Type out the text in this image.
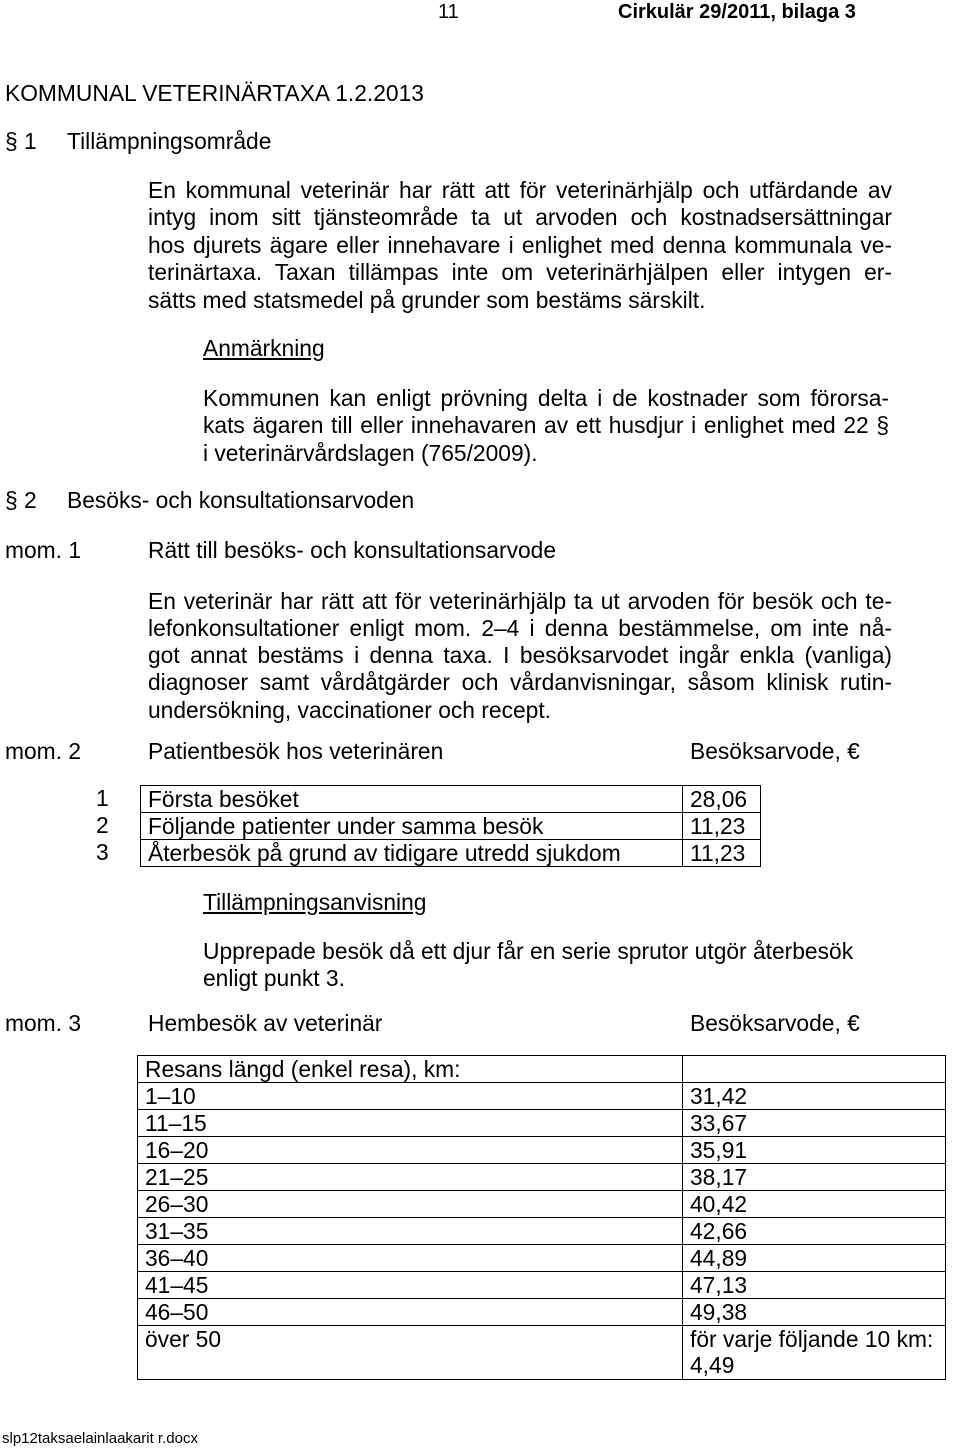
11	Cirkulär 29/2011, bilaga 3
KOMMUNAL VETERINÄRTAXA 1.2.2013
§ 1 Tillämpningsområde
En kommunal veterinär har rätt att för veterinärhjälp och utfärdande av
intyg inom sitt tjänsteområde ta ut arvoden och kostnadsersättningar
hos djurets ägare eller innehavare i enlighet med denna kommunala ve-
terinärtaxa. Taxan tillämpas inte om veterinärhjälpen eller intygen er-
sätts med statsmedel på grunder som bestäms särskilt.
Anmärkning
Kommunen kan enligt prövning delta i de kostnader som förorsa-
kats ägaren till eller innehavaren av ett husdjur i enlighet med 22 §
i veterinärvårdslagen (765/2009).
§ 2 Besöks- och konsultationsarvoden
mom. 1	Rätt till besöks- och konsultationsarvode
En veterinär har rätt att för veterinärhjälp ta ut arvoden för besök och te-
lefonkonsultationer enligt mom. 2–4 i denna bestämmelse, om inte nå-
got annat bestäms i denna taxa. I besöksarvodet ingår enkla (vanliga)
diagnoser samt vårdåtgärder och vårdanvisningar, såsom klinisk rutin-
undersökning, vaccinationer och recept.
mom. 2	Patientbesök hos veterinären	Besöksarvode, €
1
2
3
Första besöket	28,06
Följande patienter under samma besök	11,23
Återbesök på grund av tidigare utredd sjukdom	11,23
Tillämpningsanvisning
Upprepade besök då ett djur får en serie sprutor utgör återbesök
enligt punkt 3.
mom. 3	Hembesök av veterinär	Besöksarvode, €
Resans längd (enkel resa), km:
1–10	31,42
11–15	33,67
16–20	35,91
21–25	38,17
26–30	40,42
31–35	42,66
36–40	44,89
41–45	47,13
46–50	49,38
över 50	för varje följande 10 km:
4,49
slp12taksaelainlaakarit r.docx
